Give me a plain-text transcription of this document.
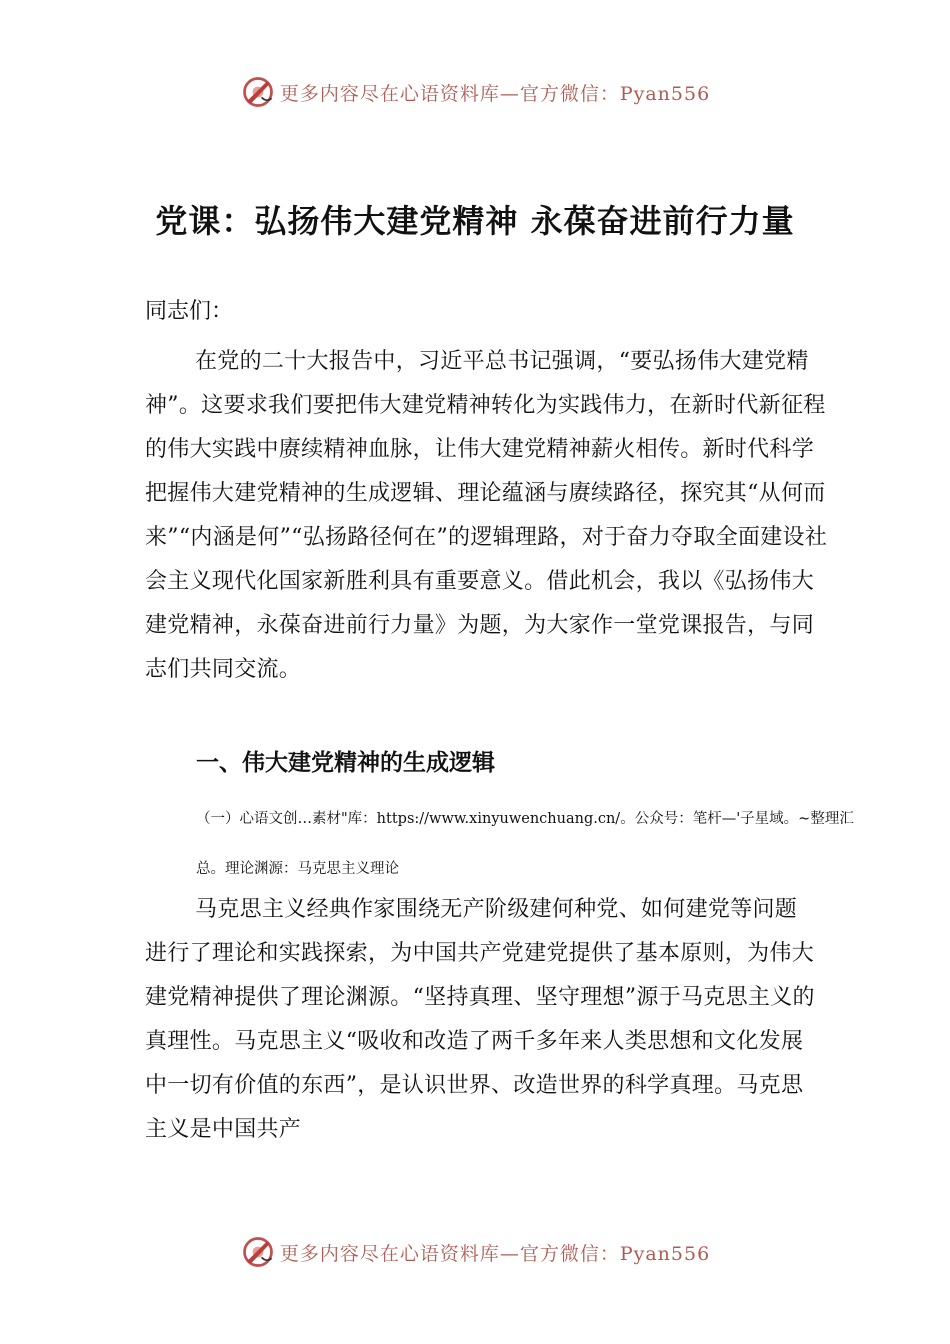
更多内容尽在心语资料库—官方微信：Pyan556
党课：弘扬伟大建党精神 永葆奋进前行力量

同志们：

在党的二十大报告中，习近平总书记强调，“要弘扬伟大建党精神”。这要求我们要把伟大建党精神转化为实践伟力，在新时代新征程的伟大实践中赓续精神血脉，让伟大建党精神薪火相传。新时代科学把握伟大建党精神的生成逻辑、理论蕴涵与赓续路径，探究其“从何而来”“内涵是何”“弘扬路径何在”的逻辑理路，对于奋力夺取全面建设社会主义现代化国家新胜利具有重要意义。借此机会，我以《弘扬伟大建党精神，永葆奋进前行力量》为题，为大家作一堂党课报告，与同志们共同交流。

一、伟大建党精神的生成逻辑

（一）心语文创…素材"库：https://www.xinyuwenchuang.cn/。公众号：笔杆—'子星域。~整理汇总。理论渊源：马克思主义理论

马克思主义经典作家围绕无产阶级建何种党、如何建党等问题进行了理论和实践探索，为中国共产党建党提供了基本原则，为伟大建党精神提供了理论渊源。“坚持真理、坚守理想”源于马克思主义的真理性。马克思主义“吸收和改造了两千多年来人类思想和文化发展中一切有价值的东西”，是认识世界、改造世界的科学真理。马克思主义是中国共产

更多内容尽在心语资料库—官方微信：Pyan556
